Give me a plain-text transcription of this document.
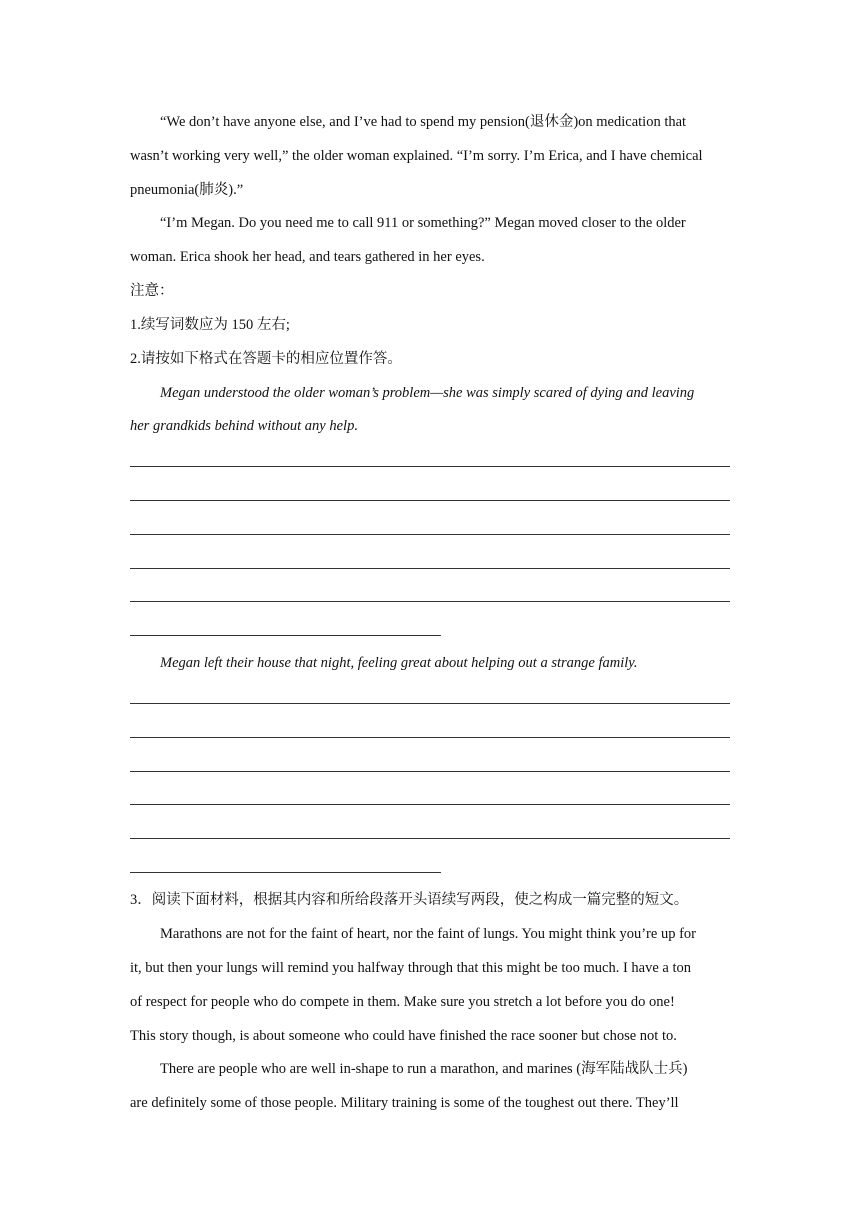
“We don’t have anyone else, and I’ve had to spend my pension(退休金)on medication that
wasn’t working very well,” the older woman explained. “I’m sorry. I’m Erica, and I have chemical
pneumonia(肺炎).”
“I’m Megan. Do you need me to call 911 or something?” Megan moved closer to the older
woman. Erica shook her head, and tears gathered in her eyes.
注意：
1.续写词数应为 150 左右;
2.请按如下格式在答题卡的相应位置作答。
Megan understood the older woman’s problem—she was simply scared of dying and leaving
her grandkids behind without any help.
Megan left their house that night, feeling great about helping out a strange family.
3．阅读下面材料，根据其内容和所给段落开头语续写两段，使之构成一篇完整的短文。
Marathons are not for the faint of heart, nor the faint of lungs. You might think you’re up for
it, but then your lungs will remind you halfway through that this might be too much. I have a ton
of respect for people who do compete in them. Make sure you stretch a lot before you do one!
This story though, is about someone who could have finished the race sooner but chose not to.
There are people who are well in-shape to run a marathon, and marines (海军陆战队士兵)
are definitely some of those people. Military training is some of the toughest out there. They’ll
